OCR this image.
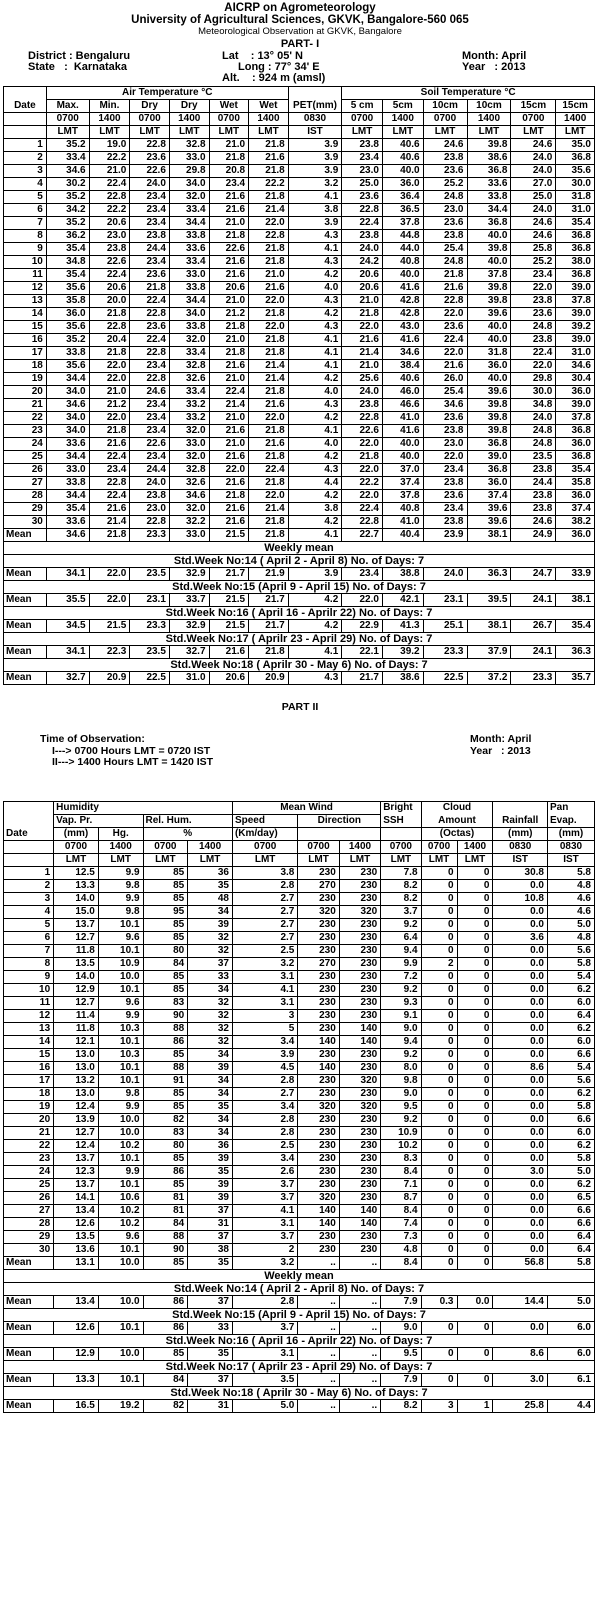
AICRP on Agrometeorology
University of Agricultural Sciences, GKVK, Bangalore-560 065
Meteorological Observation at GKVK, Bangalore
PART- I
District : Bengaluru
State   :  Karnataka
Lat    : 13° 05' N
Long : 77° 34' E
Alt.    : 924 m (amsl)
Month: April
Year   : 2013
	Air Temperature °C							Soil Temperature °C					
Date	Max.	Min.	Dry	Dry	Wet	Wet	PET(mm)	5 cm	5cm	10cm	10cm	15cm	15cm
	0700	1400	0700	1400	0700	1400	0830	0700	1400	0700	1400	0700	1400
	LMT	LMT	LMT	LMT	LMT	LMT	IST	LMT	LMT	LMT	LMT	LMT	LMT
1	35.2	19.0	22.8	32.8	21.0	21.8	3.9	23.8	40.6	24.6	39.8	24.6	35.0
2	33.4	22.2	23.6	33.0	21.8	21.6	3.9	23.4	40.6	23.8	38.6	24.0	36.8
3	34.6	21.0	22.6	29.8	20.8	21.8	3.9	23.0	40.0	23.6	36.8	24.0	35.6
4	30.2	22.4	24.0	34.0	23.4	22.2	3.2	25.0	36.0	25.2	33.6	27.0	30.0
5	35.2	22.8	23.4	32.0	21.6	21.8	4.1	23.6	36.4	24.8	33.8	25.0	31.8
6	34.2	22.2	23.4	33.4	21.6	21.4	3.8	22.8	36.5	23.0	34.4	24.0	31.0
7	35.2	20.6	23.4	34.4	21.0	22.0	3.9	22.4	37.8	23.6	36.8	24.6	35.4
8	36.2	23.0	23.8	33.8	21.8	22.8	4.3	23.8	44.8	23.8	40.0	24.6	36.8
9	35.4	23.8	24.4	33.6	22.6	21.8	4.1	24.0	44.0	25.4	39.8	25.8	36.8
10	34.8	22.6	23.4	33.4	21.6	21.8	4.3	24.2	40.8	24.8	40.0	25.2	38.0
11	35.4	22.4	23.6	33.0	21.6	21.0	4.2	20.6	40.0	21.8	37.8	23.4	36.8
12	35.6	20.6	21.8	33.8	20.6	21.6	4.0	20.6	41.6	21.6	39.8	22.0	39.0
13	35.8	20.0	22.4	34.4	21.0	22.0	4.3	21.0	42.8	22.8	39.8	23.8	37.8
14	36.0	21.8	22.8	34.0	21.2	21.8	4.2	21.8	42.8	22.0	39.6	23.6	39.0
15	35.6	22.8	23.6	33.8	21.8	22.0	4.3	22.0	43.0	23.6	40.0	24.8	39.2
16	35.2	20.4	22.4	32.0	21.0	21.8	4.1	21.6	41.6	22.4	40.0	23.8	39.0
17	33.8	21.8	22.8	33.4	21.8	21.8	4.1	21.4	34.6	22.0	31.8	22.4	31.0
18	35.6	22.0	23.4	32.8	21.6	21.4	4.1	21.0	38.4	21.6	36.0	22.0	34.6
19	34.4	22.0	22.8	32.6	21.0	21.4	4.2	25.6	40.6	26.0	40.0	29.8	30.4
20	34.0	21.0	24.6	33.4	22.4	21.8	4.0	24.0	46.0	25.4	39.6	30.0	36.0
21	34.6	21.2	23.4	33.2	21.4	21.6	4.3	23.8	46.6	34.6	39.8	34.8	39.0
22	34.0	22.0	23.4	33.2	21.0	22.0	4.2	22.8	41.0	23.6	39.8	24.0	37.8
23	34.0	21.8	23.4	32.0	21.6	21.8	4.1	22.6	41.6	23.8	39.8	24.8	36.8
24	33.6	21.6	22.6	33.0	21.0	21.6	4.0	22.0	40.0	23.0	36.8	24.8	36.0
25	34.4	22.4	23.4	32.0	21.6	21.8	4.2	21.8	40.0	22.0	39.0	23.5	36.8
26	33.0	23.4	24.4	32.8	22.0	22.4	4.3	22.0	37.0	23.4	36.8	23.8	35.4
27	33.8	22.8	24.0	32.6	21.6	21.8	4.4	22.2	37.4	23.8	36.0	24.4	35.8
28	34.4	22.4	23.8	34.6	21.8	22.0	4.2	22.0	37.8	23.6	37.4	23.8	36.0
29	35.4	21.6	23.0	32.0	21.6	21.4	3.8	22.4	40.8	23.4	39.6	23.8	37.4
30	33.6	21.4	22.8	32.2	21.6	21.8	4.2	22.8	41.0	23.8	39.6	24.6	38.2
Mean	34.6	21.8	23.3	33.0	21.5	21.8	4.1	22.7	40.4	23.9	38.1	24.9	36.0
Weekly mean													
Std.Week No:14 ( April 2 - April 8) No. of Days: 7													
Mean	34.1	22.0	23.5	32.9	21.7	21.9	3.9	23.4	38.8	24.0	36.3	24.7	33.9
Std.Week No:15 (April 9 - April 15) No. of Days: 7													
Mean	35.5	22.0	23.1	33.7	21.5	21.7	4.2	22.0	42.1	23.1	39.5	24.1	38.1
Std.Week No:16 ( April 16 - Aprilr 22) No. of Days: 7													
Mean	34.5	21.5	23.3	32.9	21.5	21.7	4.2	22.9	41.3	25.1	38.1	26.7	35.4
Std.Week No:17 ( Aprilr 23 - April 29) No. of Days: 7													
Mean	34.1	22.3	23.5	32.7	21.6	21.8	4.1	22.1	39.2	23.3	37.9	24.1	36.3
Std.Week No:18 ( Aprilr 30 - May 6) No. of Days: 7													
Mean	32.7	20.9	22.5	31.0	20.6	20.9	4.3	21.7	38.6	22.5	37.2	23.3	35.7
PART II
Time of Observation:
I---> 0700 Hours LMT = 0720 IST
II---> 1400 Hours LMT = 1420 IST
Month: April
Year   : 2013
	Humidity				Mean Wind			Bright	Cloud			Pan
	Vap. Pr.		Rel. Hum.		Speed	Direction		SSH	Amount		Rainfall	Evap.
Date	(mm)	Hg.	%		(Km/day)				(Octas)		(mm)	(mm)
	0700	1400	0700	1400	0700	0700	1400	0700	0700	1400	0830	0830
	LMT	LMT	LMT	LMT	LMT	LMT	LMT	LMT	LMT	LMT	IST	IST
1	12.5	9.9	85	36	3.8	230	230	7.8	0	0	30.8	5.8
2	13.3	9.8	85	35	2.8	270	230	8.2	0	0	0.0	4.8
3	14.0	9.9	85	48	2.7	230	230	8.2	0	0	10.8	4.6
4	15.0	9.8	95	34	2.7	320	320	3.7	0	0	0.0	4.6
5	13.7	10.1	85	39	2.7	230	230	9.2	0	0	0.0	5.0
6	12.7	9.6	85	32	2.7	230	230	6.4	0	0	3.6	4.8
7	11.8	10.1	80	32	2.5	230	230	9.4	0	0	0.0	5.6
8	13.5	10.9	84	37	3.2	270	230	9.9	2	0	0.0	5.8
9	14.0	10.0	85	33	3.1	230	230	7.2	0	0	0.0	5.4
10	12.9	10.1	85	34	4.1	230	230	9.2	0	0	0.0	6.2
11	12.7	9.6	83	32	3.1	230	230	9.3	0	0	0.0	6.0
12	11.4	9.9	90	32	3	230	230	9.1	0	0	0.0	6.4
13	11.8	10.3	88	32	5	230	140	9.0	0	0	0.0	6.2
14	12.1	10.1	86	32	3.4	140	140	9.4	0	0	0.0	6.0
15	13.0	10.3	85	34	3.9	230	230	9.2	0	0	0.0	6.6
16	13.0	10.1	88	39	4.5	140	230	8.0	0	0	8.6	5.4
17	13.2	10.1	91	34	2.8	230	320	9.8	0	0	0.0	5.6
18	13.0	9.8	85	34	2.7	230	230	9.0	0	0	0.0	6.2
19	12.4	9.9	85	35	3.4	320	320	9.5	0	0	0.0	5.8
20	13.9	10.0	82	34	2.8	230	230	9.2	0	0	0.0	6.6
21	12.7	10.0	83	34	2.8	230	230	10.9	0	0	0.0	6.0
22	12.4	10.2	80	36	2.5	230	230	10.2	0	0	0.0	6.2
23	13.7	10.1	85	39	3.4	230	230	8.3	0	0	0.0	5.8
24	12.3	9.9	86	35	2.6	230	230	8.4	0	0	3.0	5.0
25	13.7	10.1	85	39	3.7	230	230	7.1	0	0	0.0	6.2
26	14.1	10.6	81	39	3.7	320	230	8.7	0	0	0.0	6.5
27	13.4	10.2	81	37	4.1	140	140	8.4	0	0	0.0	6.6
28	12.6	10.2	84	31	3.1	140	140	7.4	0	0	0.0	6.6
29	13.5	9.6	88	37	3.7	230	230	7.3	0	0	0.0	6.4
30	13.6	10.1	90	38	2	230	230	4.8	0	0	0.0	6.4
Mean	13.1	10.0	85	35	3.2	..	..	8.4	0	0	56.8	5.8
Weekly mean												
Std.Week No:14 ( April 2 - April 8) No. of Days: 7												
Mean	13.4	10.0	86	37	2.8	..	..	7.9	0.3	0.0	14.4	5.0
Std.Week No:15 (April 9 - April 15) No. of Days: 7												
Mean	12.6	10.1	86	33	3.7	..	..	9.0	0	0	0.0	6.0
Std.Week No:16 ( April 16 - Aprilr 22) No. of Days: 7												
Mean	12.9	10.0	85	35	3.1	..	..	9.5	0	0	8.6	6.0
Std.Week No:17 ( Aprilr 23 - April 29) No. of Days: 7												
Mean	13.3	10.1	84	37	3.5	..	..	7.9	0	0	3.0	6.1
Std.Week No:18 ( Aprilr 30 - May 6) No. of Days: 7												
Mean	16.5	19.2	82	31	5.0	..	..	8.2	3	1	25.8	4.4
